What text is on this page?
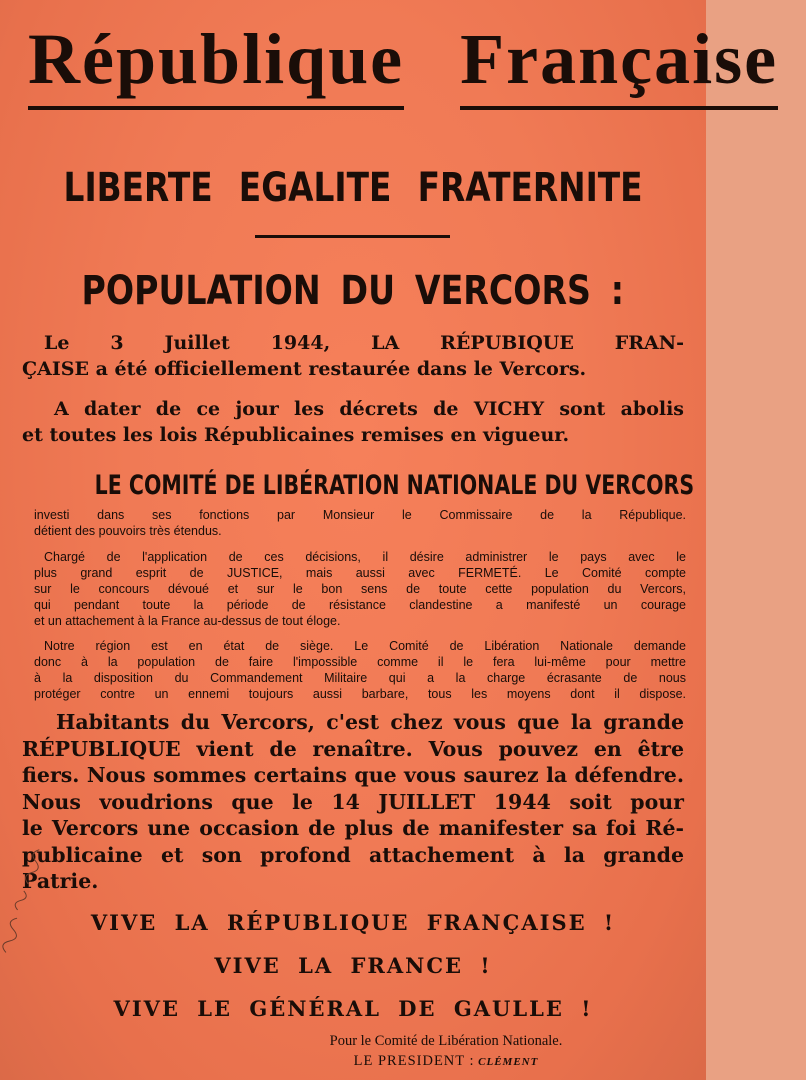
République Française
LIBERTE EGALITE FRATERNITE
POPULATION DU VERCORS :
Le 3 Juillet 1944, LA RÉPUBIQUE FRAN-
ÇAISE a été officiellement restaurée dans le Vercors.
A dater de ce jour les décrets de VICHY sont abolis
et toutes les lois Républicaines remises en vigueur.
LE COMITÉ DE LIBÉRATION NATIONALE DU VERCORS
investi dans ses fonctions par Monsieur le Commissaire de la République.
détient des pouvoirs très étendus.
Chargé de l'application de ces décisions, il désire administrer le pays avec le
plus grand esprit de JUSTICE, mais aussi avec FERMETÉ. Le Comité compte
sur le concours dévoué et sur le bon sens de toute cette population du Vercors,
qui pendant toute la période de résistance clandestine a manifesté un courage
et un attachement à la France au-dessus de tout éloge.
Notre région est en état de siège. Le Comité de Libération Nationale demande
donc à la population de faire l'impossible comme il le fera lui-même pour mettre
à la disposition du Commandement Militaire qui a la charge écrasante de nous
protéger contre un ennemi toujours aussi barbare, tous les moyens dont il dispose.
Habitants du Vercors, c'est chez vous que la grande
RÉPUBLIQUE vient de renaître. Vous pouvez en être
fiers. Nous sommes certains que vous saurez la défendre.
Nous voudrions que le 14 JUILLET 1944 soit pour
le Vercors une occasion de plus de manifester sa foi Ré-
publicaine et son profond attachement à la grande
Patrie.
VIVE LA RÉPUBLIQUE FRANÇAISE !
VIVE LA FRANCE !
VIVE LE GÉNÉRAL DE GAULLE !
Pour le Comité de Libération Nationale.
LE PRESIDENT : CLÉMENT
